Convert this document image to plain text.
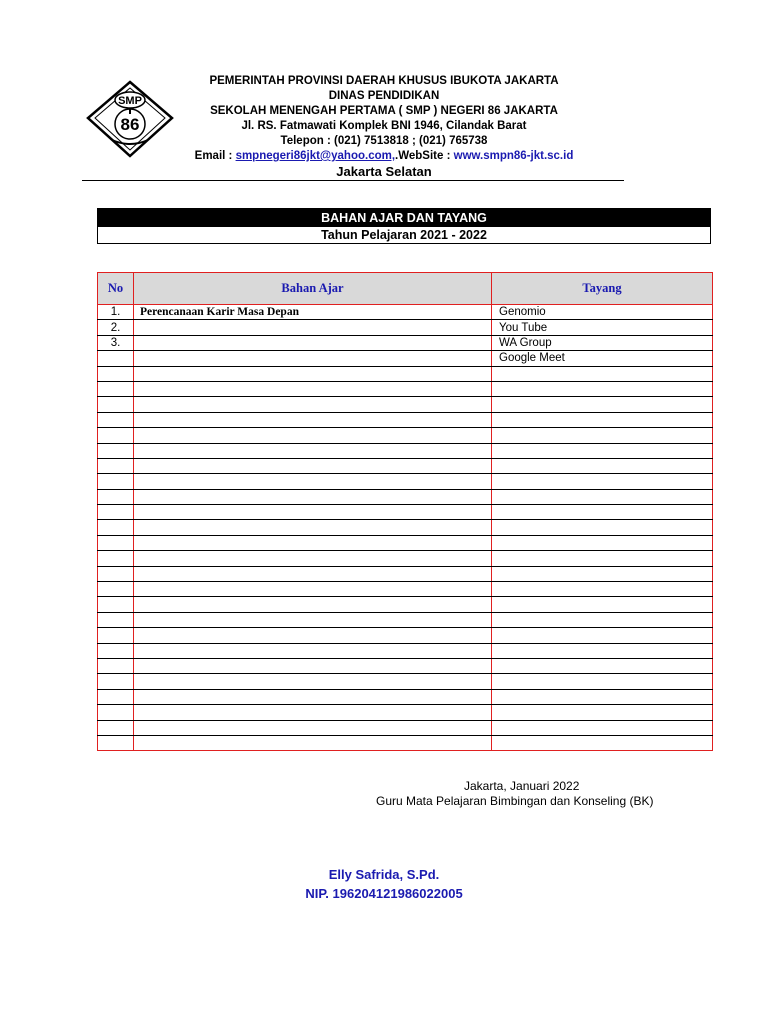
SMP
86
PEMERINTAH PROVINSI DAERAH KHUSUS IBUKOTA JAKARTA
DINAS PENDIDIKAN
SEKOLAH MENENGAH PERTAMA ( SMP ) NEGERI 86 JAKARTA
Jl. RS. Fatmawati Komplek BNI 1946, Cilandak Barat
Telepon : (021) 7513818 ; (021) 765738
Email : smpnegeri86jkt@yahoo.com,.WebSite : www.smpn86-jkt.sc.id
Jakarta Selatan
BAHAN AJAR DAN TAYANG
Tahun Pelajaran 2021 - 2022
No	Bahan Ajar	Tayang
1.	Perencanaan Karir Masa Depan	Genomio
2.		You Tube
3.		WA Group
		Google Meet

Jakarta, Januari 2022
Guru Mata Pelajaran Bimbingan dan Konseling (BK)
Elly Safrida, S.Pd.
NIP. 196204121986022005
